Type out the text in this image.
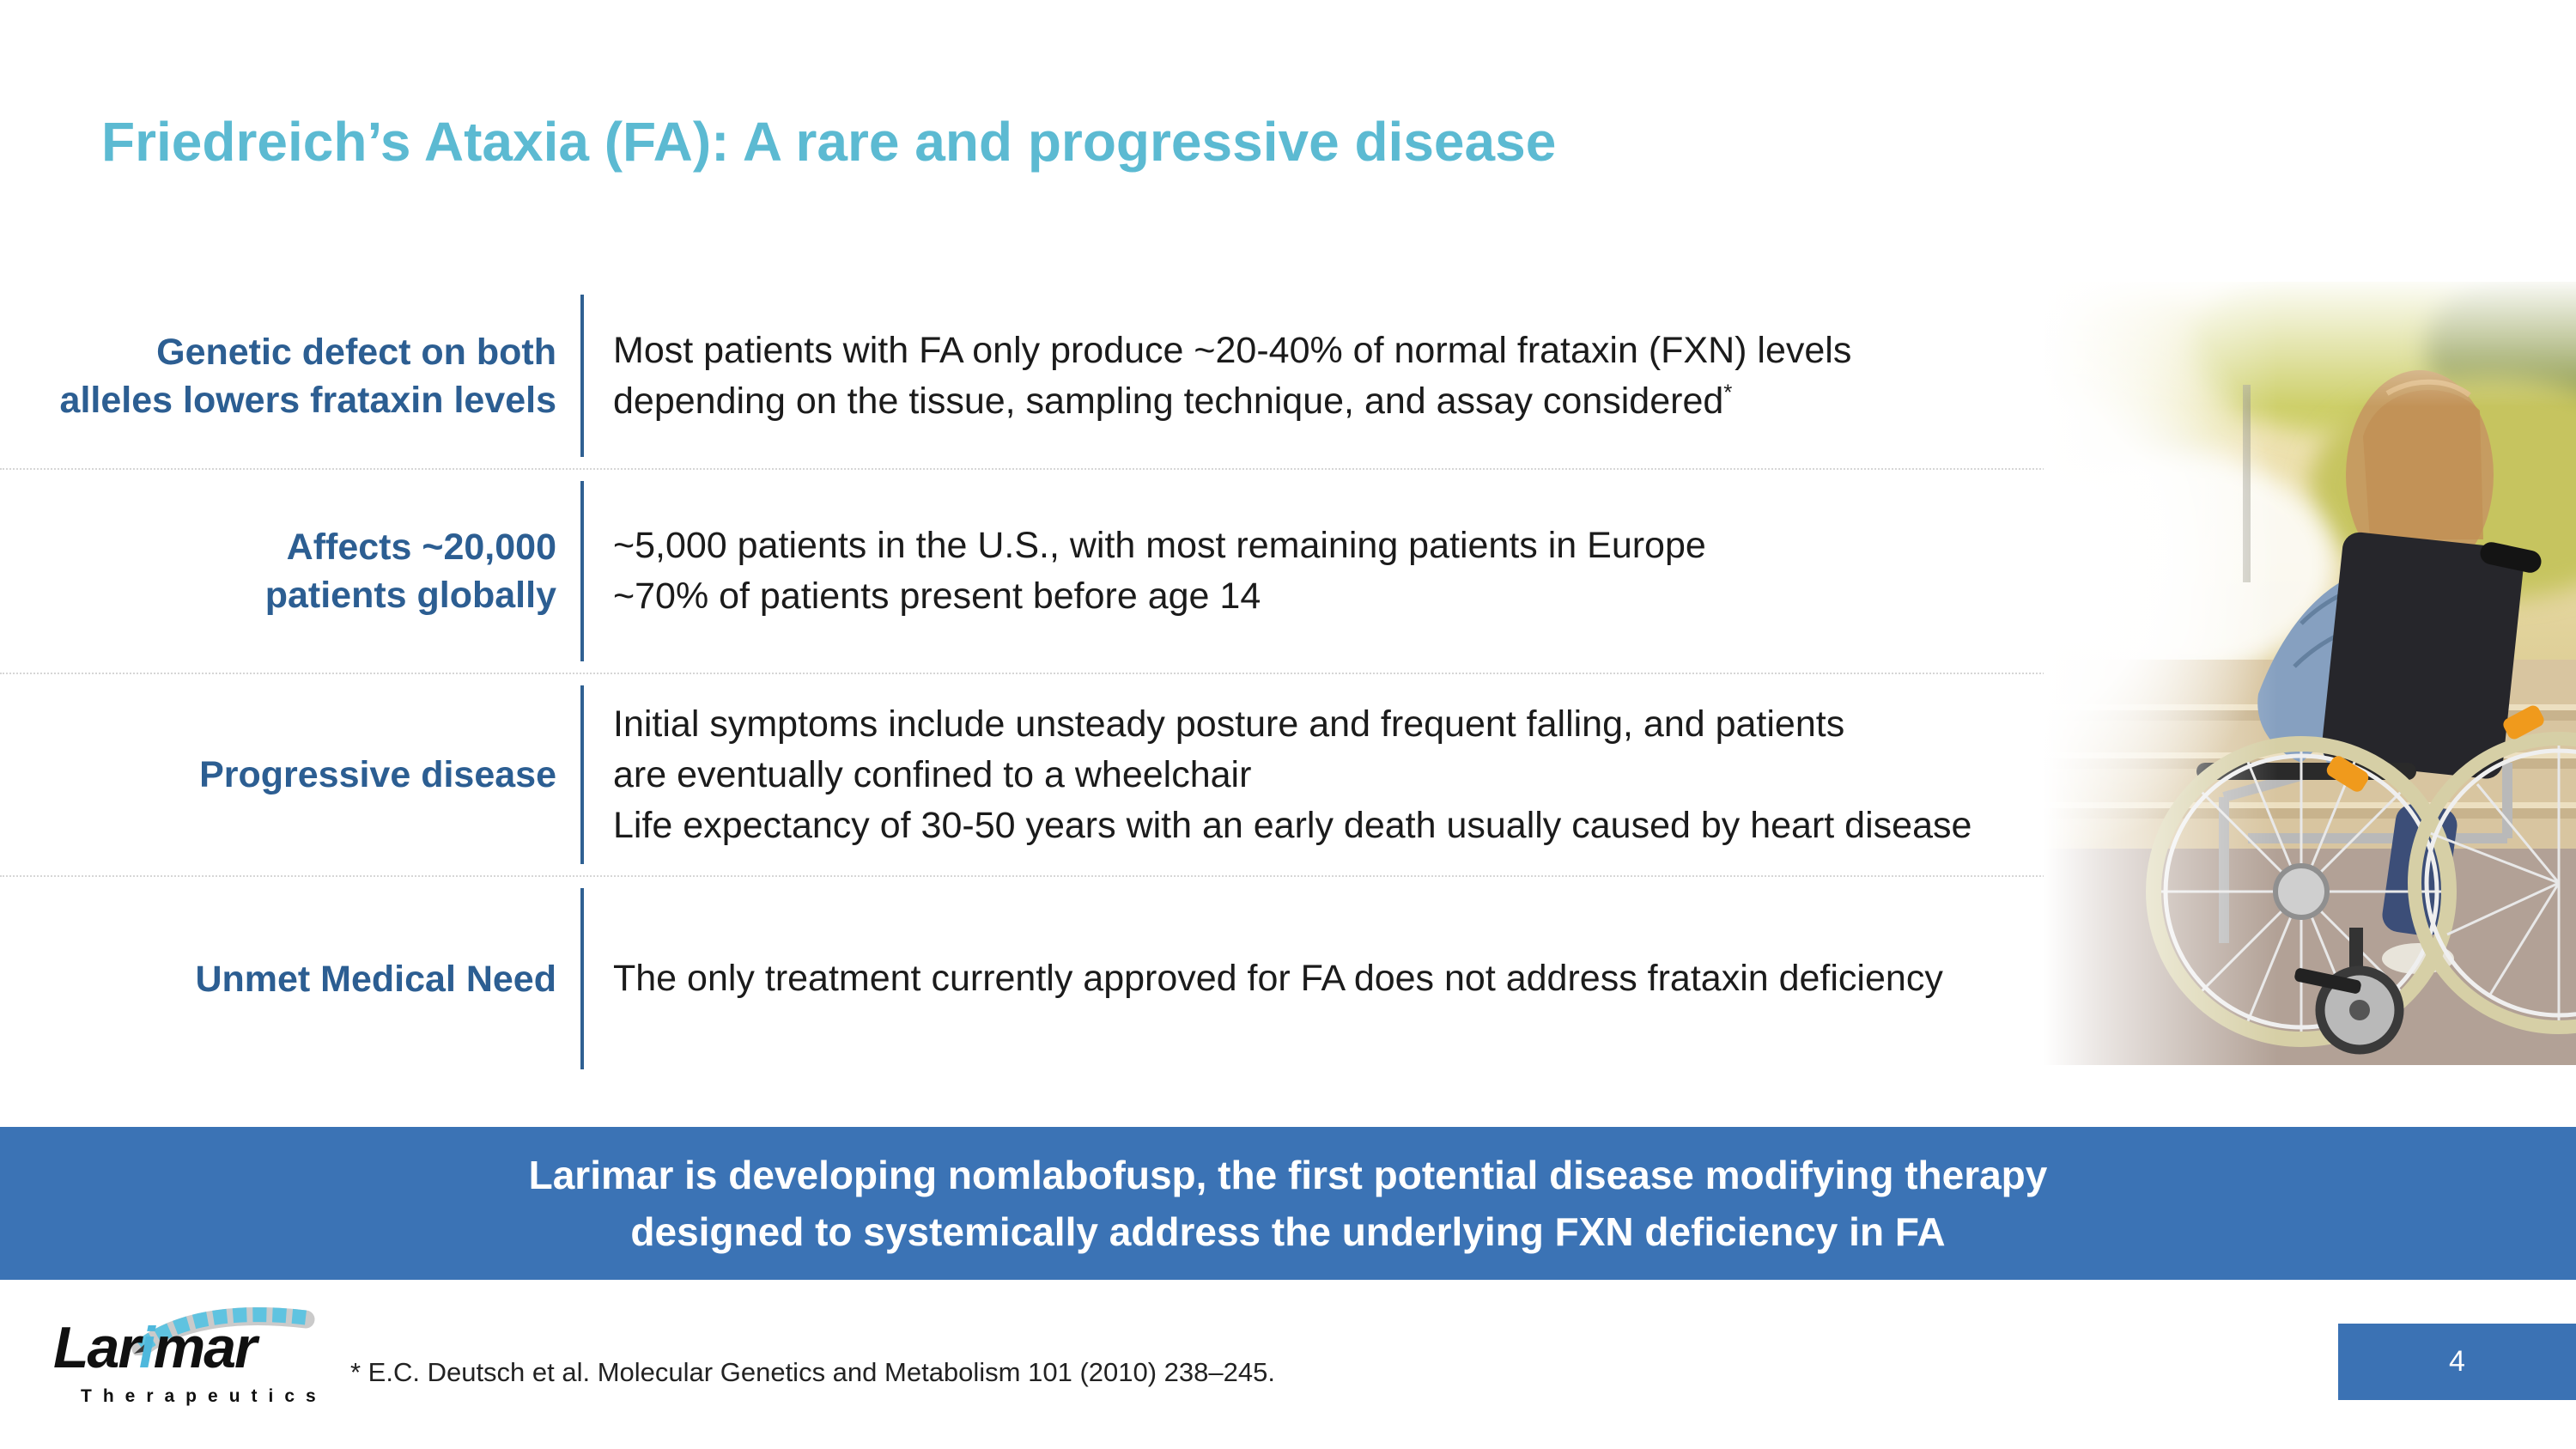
Friedreich’s Ataxia (FA): A rare and progressive disease
Genetic defect on both
alleles lowers frataxin levels
Most patients with FA only produce ~20-40% of normal frataxin (FXN) levels
depending on the tissue, sampling technique, and assay considered*
Affects ~20,000
patients globally
~5,000 patients in the U.S., with most remaining patients in Europe
~70% of patients present before age 14
Progressive disease
Initial symptoms include unsteady posture and frequent falling, and patients
are eventually confined to a wheelchair
Life expectancy of 30-50 years with an early death usually caused by heart disease
Unmet Medical Need The only treatment currently approved for FA does not address frataxin deficiency
Larimar is developing nomlabofusp, the first potential disease modifying therapy
designed to systemically address the underlying FXN deficiency in FA
Larimar
Therapeutics
* E.C. Deutsch et al. Molecular Genetics and Metabolism 101 (2010) 238–245.	4
